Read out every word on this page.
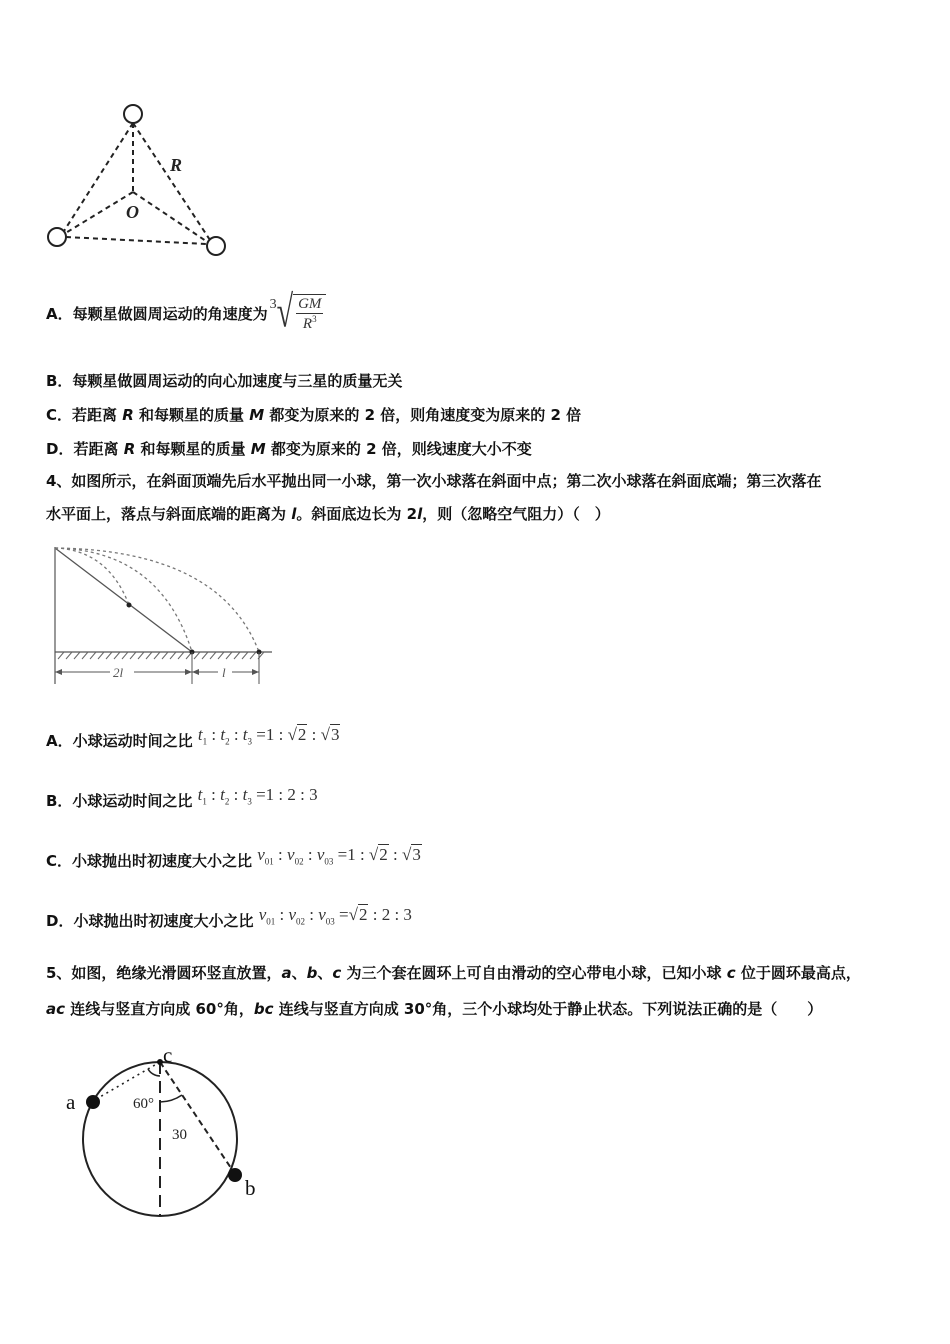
R
O
A．每颗星做圆周运动的角速度为 3 √ GM
$R^3$
B．每颗星做圆周运动的向心加速度与三星的质量无关
C．若距离 R 和每颗星的质量 M 都变为原来的 2 倍，则角速度变为原来的 2 倍
D．若距离 R 和每颗星的质量 M 都变为原来的 2 倍，则线速度大小不变
4、如图所示，在斜面顶端先后水平抛出同一小球，第一次小球落在斜面中点；第二次小球落在斜面底端；第三次落在
水平面上，落点与斜面底端的距离为 l。斜面底边长为 2l，则（忽略空气阻力）（　）
2l	l
A．小球运动时间之比 $t_1$ : $t_2$ : $t_3 =1$ : √2 : √3
B．小球运动时间之比 $t_1$ : $t_2$ : $t_3 =1$ : 2 : 3
C．小球抛出时初速度大小之比 $v_{01}$ : $v_{02}$ : $v_{03} =1$ : √2 : √3
D．小球抛出时初速度大小之比 $v_{01}$ : $v_{02}$ : $v_{03} =√2$ : 2 : 3
5、如图，绝缘光滑圆环竖直放置，a、b、c 为三个套在圆环上可自由滑动的空心带电小球，已知小球 c 位于圆环最高点，
ac 连线与竖直方向成 60°角，bc 连线与竖直方向成 30°角，三个小球均处于静止状态。下列说法正确的是（　　）
a
b
c
60°
30
